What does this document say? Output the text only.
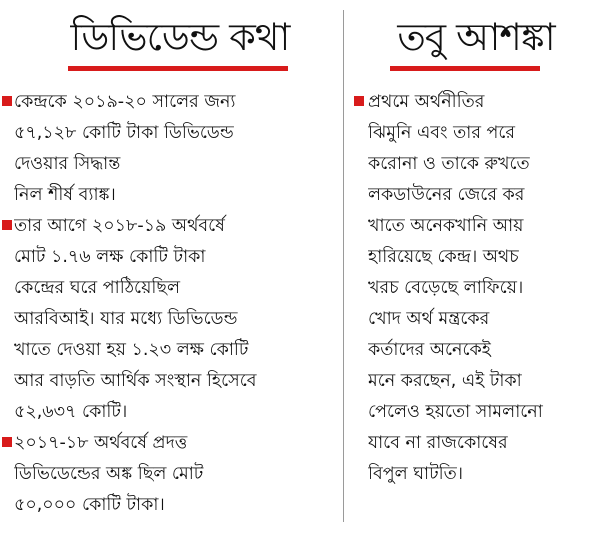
ডিভিডেন্ড কথা
কেন্দ্রকে ২০১৯-২০ সালের জন্য
৫৭,১২৮ কোটি টাকা ডিভিডেন্ড
দেওয়ার সিদ্ধান্ত
নিল শীর্ষ ব্যাঙ্ক।
তার আগে ২০১৮-১৯ অর্থবর্ষে
মোট ১.৭৬ লক্ষ কোটি টাকা
কেন্দ্রের ঘরে পাঠিয়েছিল
আরবিআই। যার মধ্যে ডিভিডেন্ড
খাতে দেওয়া হয় ১.২৩ লক্ষ কোটি
আর বাড়তি আর্থিক সংস্থান হিসেবে
৫২,৬৩৭ কোটি।
২০১৭-১৮ অর্থবর্ষে প্রদত্ত
ডিভিডেন্ডের অঙ্ক ছিল মোট
৫০,০০০ কোটি টাকা।
তবু আশঙ্কা
প্রথমে অর্থনীতির
ঝিমুনি এবং তার পরে
করোনা ও তাকে রুখতে
লকডাউনের জেরে কর
খাতে অনেকখানি আয়
হারিয়েছে কেন্দ্র। অথচ
খরচ বেড়েছে লাফিয়ে।
খোদ অর্থ মন্ত্রকের
কর্তাদের অনেকেই
মনে করছেন, এই টাকা
পেলেও হয়তো সামলানো
যাবে না রাজকোষের
বিপুল ঘাটতি।
